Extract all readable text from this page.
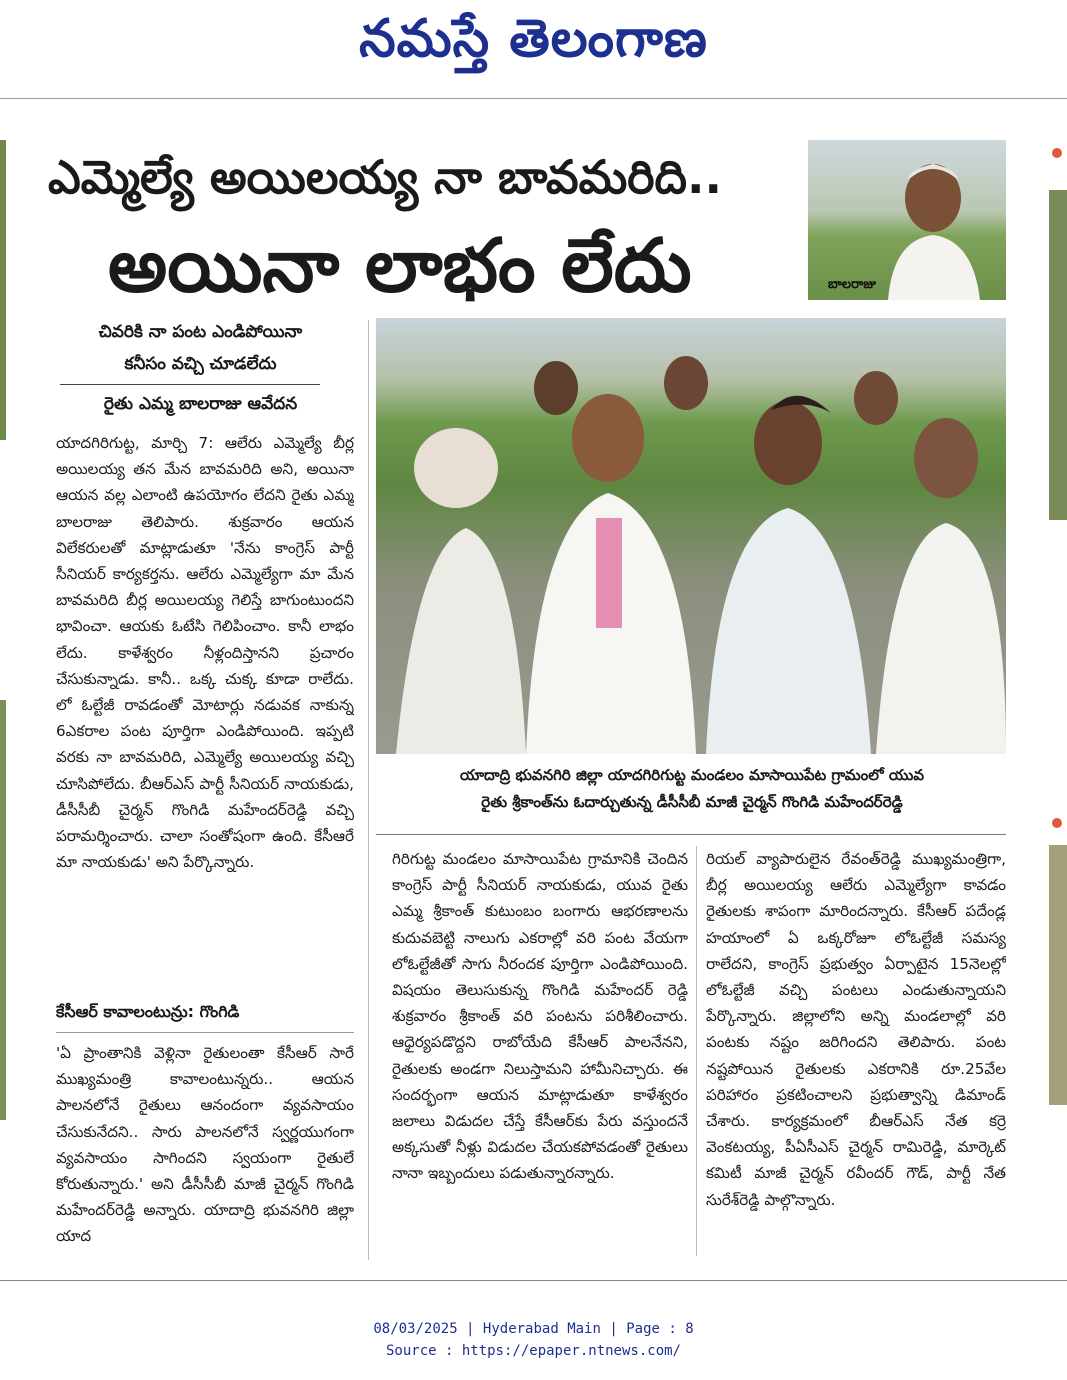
నమస్తే తెలంగాణ
ఎమ్మెల్యే అయిలయ్య నా బావమరిది..
అయినా లాభం లేదు	బాలరాజు
చివరికి నా పంట ఎండిపోయినా
కనీసం వచ్చి చూడలేదు
రైతు ఎమ్మ బాలరాజు ఆవేదన
యాదాద్రి భువనగిరి జిల్లా యాదగిరిగుట్ట మండలం మాసాయిపేట గ్రామంలో యువ
రైతు శ్రీకాంత్‌ను ఓదార్చుతున్న డీసీసీబీ మాజీ చైర్మన్ గొంగిడి మహేందర్‌రెడ్డి

యాదగిరిగుట్ట, మార్చి 7: ఆలేరు ఎమ్మెల్యే బీర్ల అయిలయ్య తన మేన బావమరిది అని, అయినా ఆయన వల్ల ఎలాంటి ఉపయోగం లేదని రైతు ఎమ్మ బాలరాజు తెలిపారు. శుక్రవారం ఆయన విలేకరులతో మాట్లాడుతూ 'నేను కాంగ్రెస్ పార్టీ సీనియర్ కార్యకర్తను. ఆలేరు ఎమ్మెల్యేగా మా మేన బావమరిది బీర్ల అయిలయ్య గెలిస్తే బాగుంటుందని భావించా. ఆయకు ఓటేసి గెలిపించాం. కానీ లాభం లేదు. కాళేశ్వరం నీళ్లందిస్తానని ప్రచారం చేసుకున్నాడు. కానీ.. ఒక్క చుక్క కూడా రాలేదు. లో ఓల్టేజీ రావడంతో మోటార్లు నడువక నాకున్న 6ఎకరాల పంట పూర్తిగా ఎండిపోయింది. ఇప్పటి వరకు నా బావమరిది, ఎమ్మెల్యే అయిలయ్య వచ్చి చూసిపోలేదు. బీఆర్‌ఎస్ పార్టీ సీనియర్ నాయకుడు, డీసీసీబీ చైర్మన్ గొంగిడి మహేందర్‌రెడ్డి వచ్చి పరామర్శించారు. చాలా సంతోషంగా ఉంది. కేసీఆరే మా నాయకుడు' అని పేర్కొన్నారు.

కేసీఆర్ కావాలంటున్రు: గొంగిడి

'ఏ ప్రాంతానికి వెళ్లినా రైతులంతా కేసీఆర్ సారే ముఖ్యమంత్రి కావాలంటున్నరు.. ఆయన పాలనలోనే రైతులు ఆనందంగా వ్యవసాయం చేసుకునేదని.. సారు పాలనలోనే స్వర్ణయుగంగా వ్యవసాయం సాగిందని స్వయంగా రైతులే కోరుతున్నారు.' అని డీసీసీబీ మాజీ చైర్మన్ గొంగిడి మహేందర్‌రెడ్డి అన్నారు. యాదాద్రి భువనగిరి జిల్లా యాద

గిరిగుట్ట మండలం మాసాయిపేట గ్రామానికి చెందిన కాంగ్రెస్ పార్టీ సీనియర్ నాయకుడు, యువ రైతు ఎమ్మ శ్రీకాంత్ కుటుంబం బంగారు ఆభరణాలను కుదువబెట్టి నాలుగు ఎకరాల్లో వరి పంట వేయగా లోఓల్టేజీతో సాగు నీరందక పూర్తిగా ఎండిపోయింది. విషయం తెలుసుకున్న గొంగిడి మహేందర్ రెడ్డి శుక్రవారం శ్రీకాంత్ వరి పంటను పరిశీలించారు. ఆధైర్యపడొద్దని రాబోయేది కేసీఆర్ పాలనేనని, రైతులకు అండగా నిలుస్తామని హామీనిచ్చారు. ఈ సందర్భంగా ఆయన మాట్లాడుతూ కాళేశ్వరం జలాలు విడుదల చేస్తే కేసీఆర్‌కు పేరు వస్తుందనే అక్కసుతో నీళ్లు విడుదల చేయకపోవడంతో రైతులు నానా ఇబ్బందులు పడుతున్నారన్నారు.

రియల్ వ్యాపారులైన రేవంత్‌రెడ్డి ముఖ్యమంత్రిగా, బీర్ల అయిలయ్య ఆలేరు ఎమ్మెల్యేగా కావడం రైతులకు శాపంగా మారిందన్నారు. కేసీఆర్ పదేండ్ల హయాంలో ఏ ఒక్కరోజూ లోఓల్టేజీ సమస్య రాలేదని, కాంగ్రెస్ ప్రభుత్వం ఏర్పాటైన 15నెలల్లో లోఓల్టేజీ వచ్చి పంటలు ఎండుతున్నాయని పేర్కొన్నారు. జిల్లాలోని అన్ని మండలాల్లో వరి పంటకు నష్టం జరిగిందని తెలిపారు. పంట నష్టపోయిన రైతులకు ఎకరానికి రూ.25వేల పరిహారం ప్రకటించాలని ప్రభుత్వాన్ని డిమాండ్ చేశారు. కార్యక్రమంలో బీఆర్‌ఎస్ నేత కర్రె వెంకటయ్య, పీఏసీఎస్ చైర్మన్ రామిరెడ్డి, మార్కెట్ కమిటీ మాజీ చైర్మన్ రవీందర్ గౌడ్, పార్టీ నేత సురేశ్‌రెడ్డి పాల్గొన్నారు.

08/03/2025 | Hyderabad Main | Page : 8
Source : https://epaper.ntnews.com/
